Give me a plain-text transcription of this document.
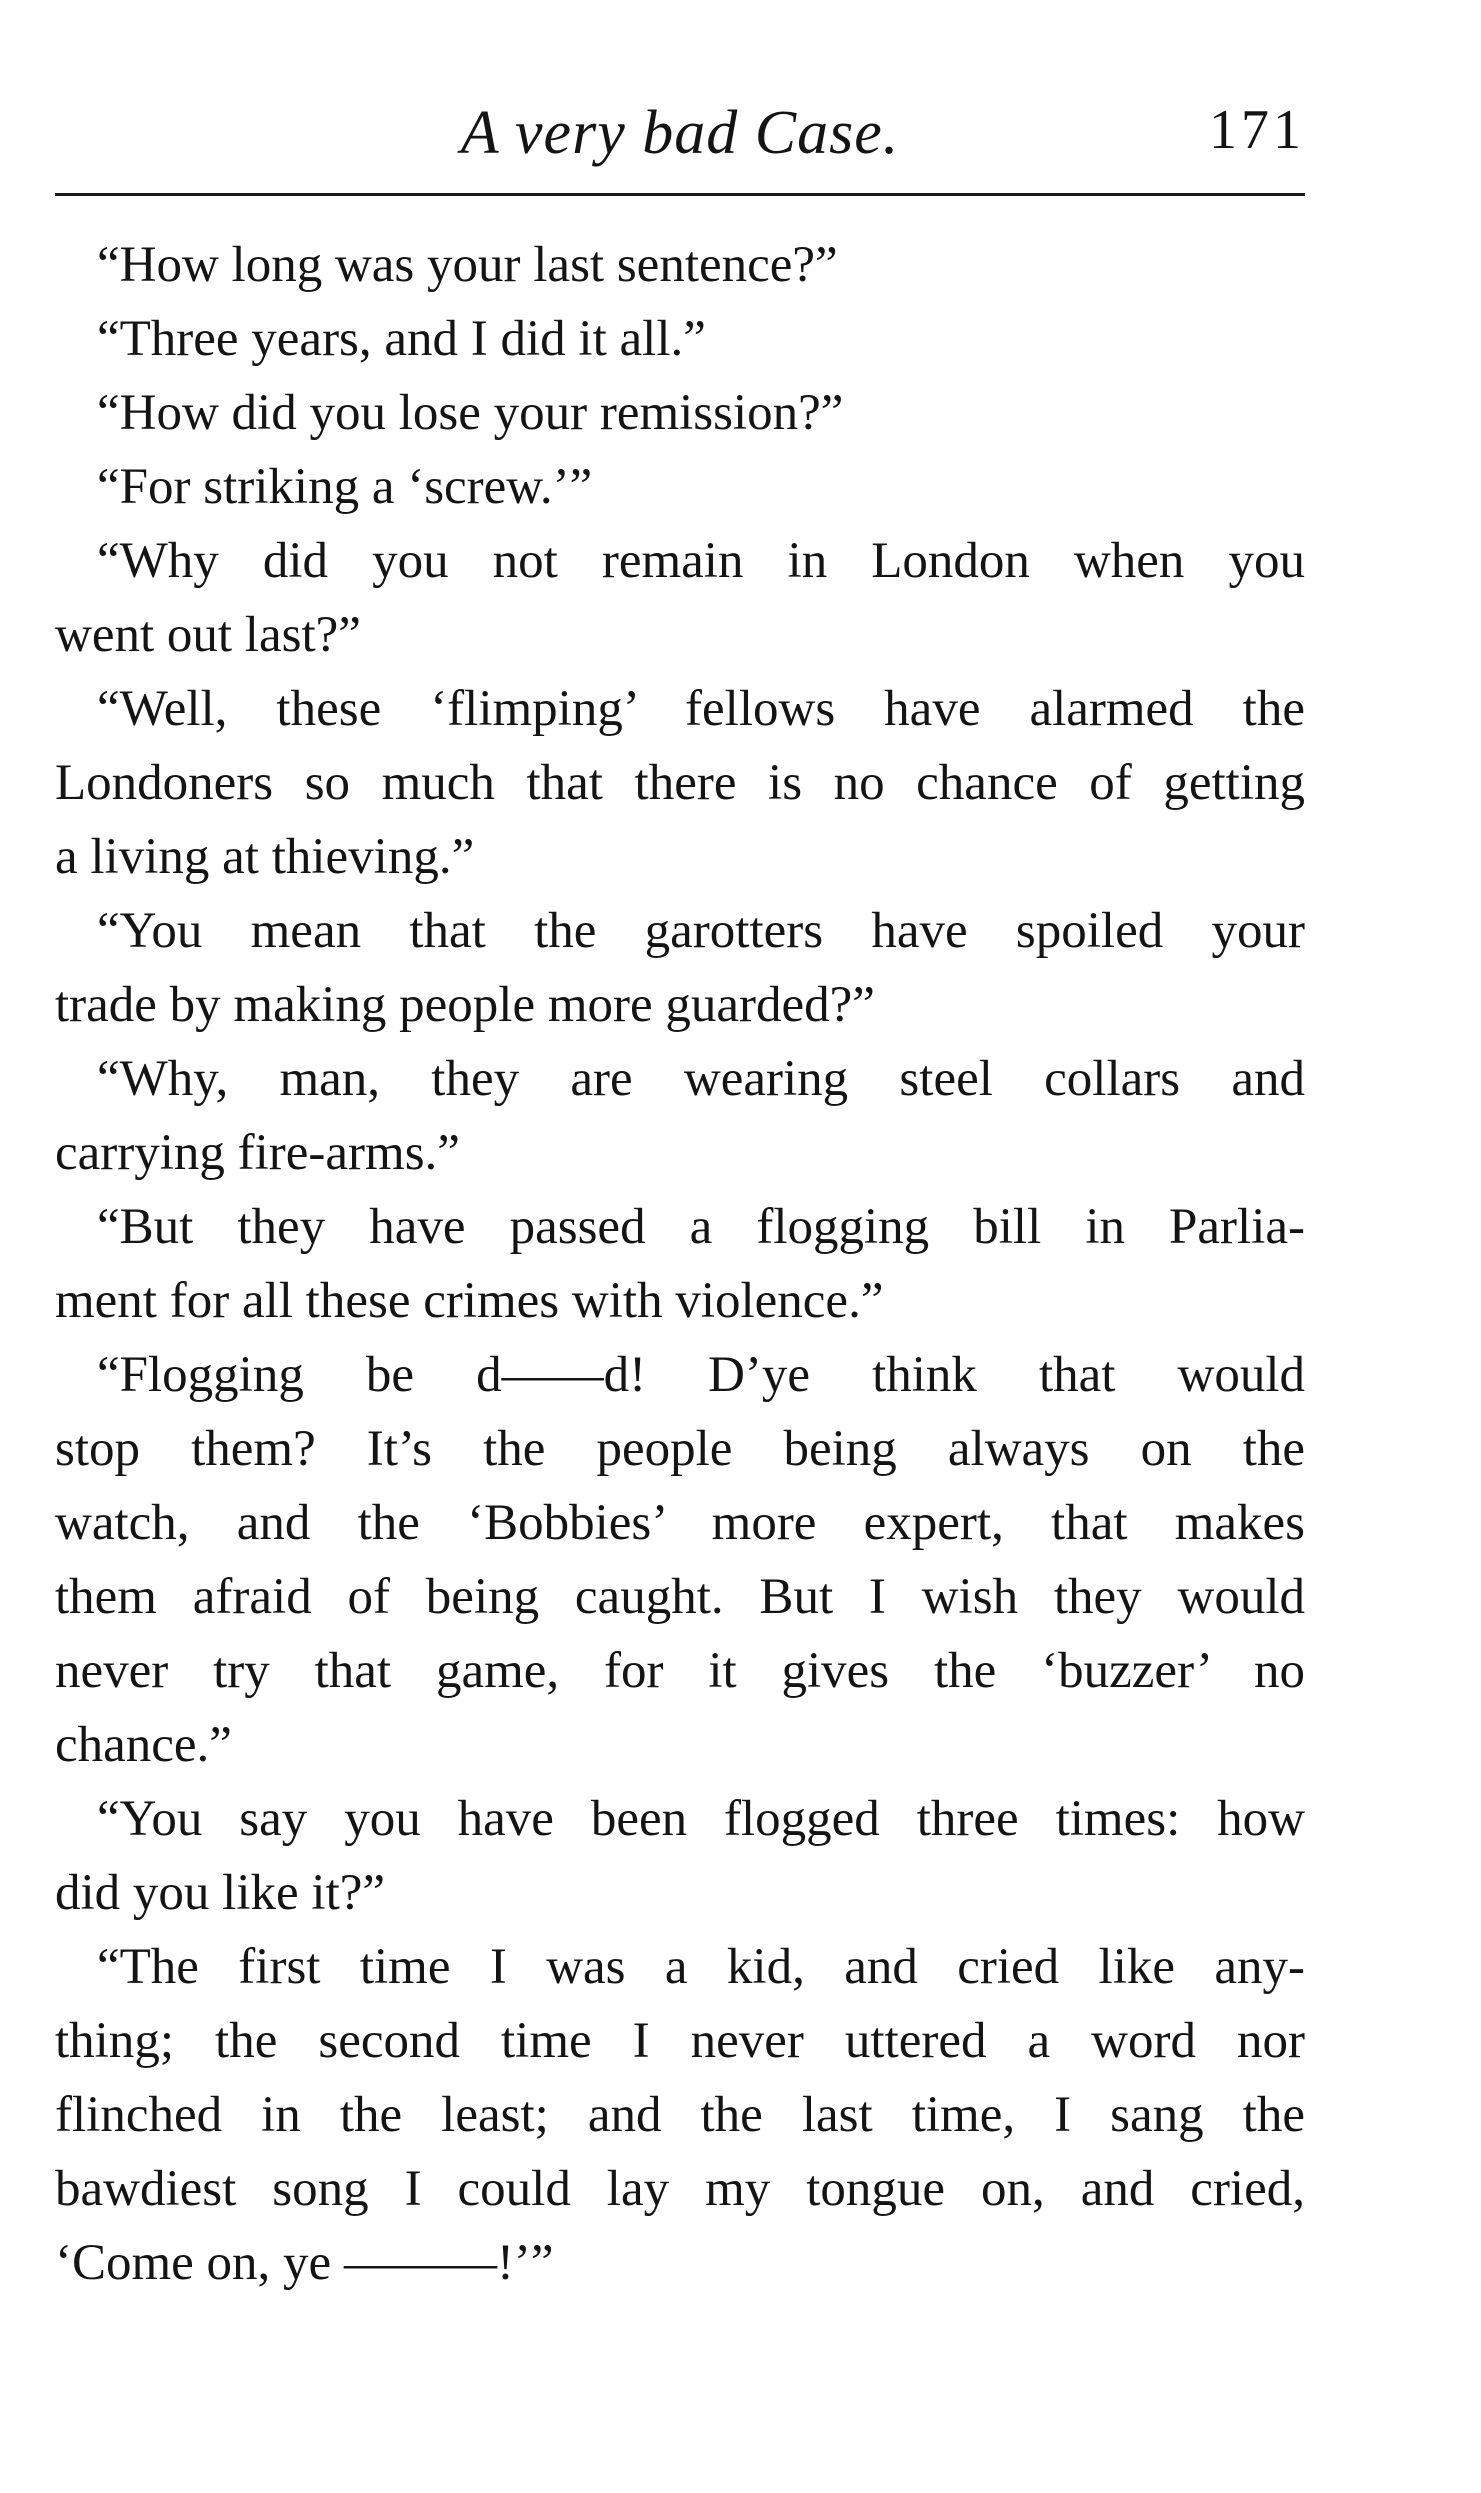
A very bad Case.	171
“How long was your last sentence?”
“Three years, and I did it all.”
“How did you lose your remission?”
“For striking a ‘screw.’”
“Why did you not remain in London when you
went out last?”
“Well, these ‘flimping’ fellows have alarmed the
Londoners so much that there is no chance of getting
a living at thieving.”
“You mean that the garotters have spoiled your
trade by making people more guarded?”
“Why, man, they are wearing steel collars and
carrying fire-arms.”
“But they have passed a flogging bill in Parlia-
ment for all these crimes with violence.”
“Flogging be d——d! D’ye think that would
stop them? It’s the people being always on the
watch, and the ‘Bobbies’ more expert, that makes
them afraid of being caught. But I wish they would
never try that game, for it gives the ‘buzzer’ no
chance.”
“You say you have been flogged three times: how
did you like it?”
“The first time I was a kid, and cried like any-
thing; the second time I never uttered a word nor
flinched in the least; and the last time, I sang the
bawdiest song I could lay my tongue on, and cried,
‘Come on, ye ———!’”
